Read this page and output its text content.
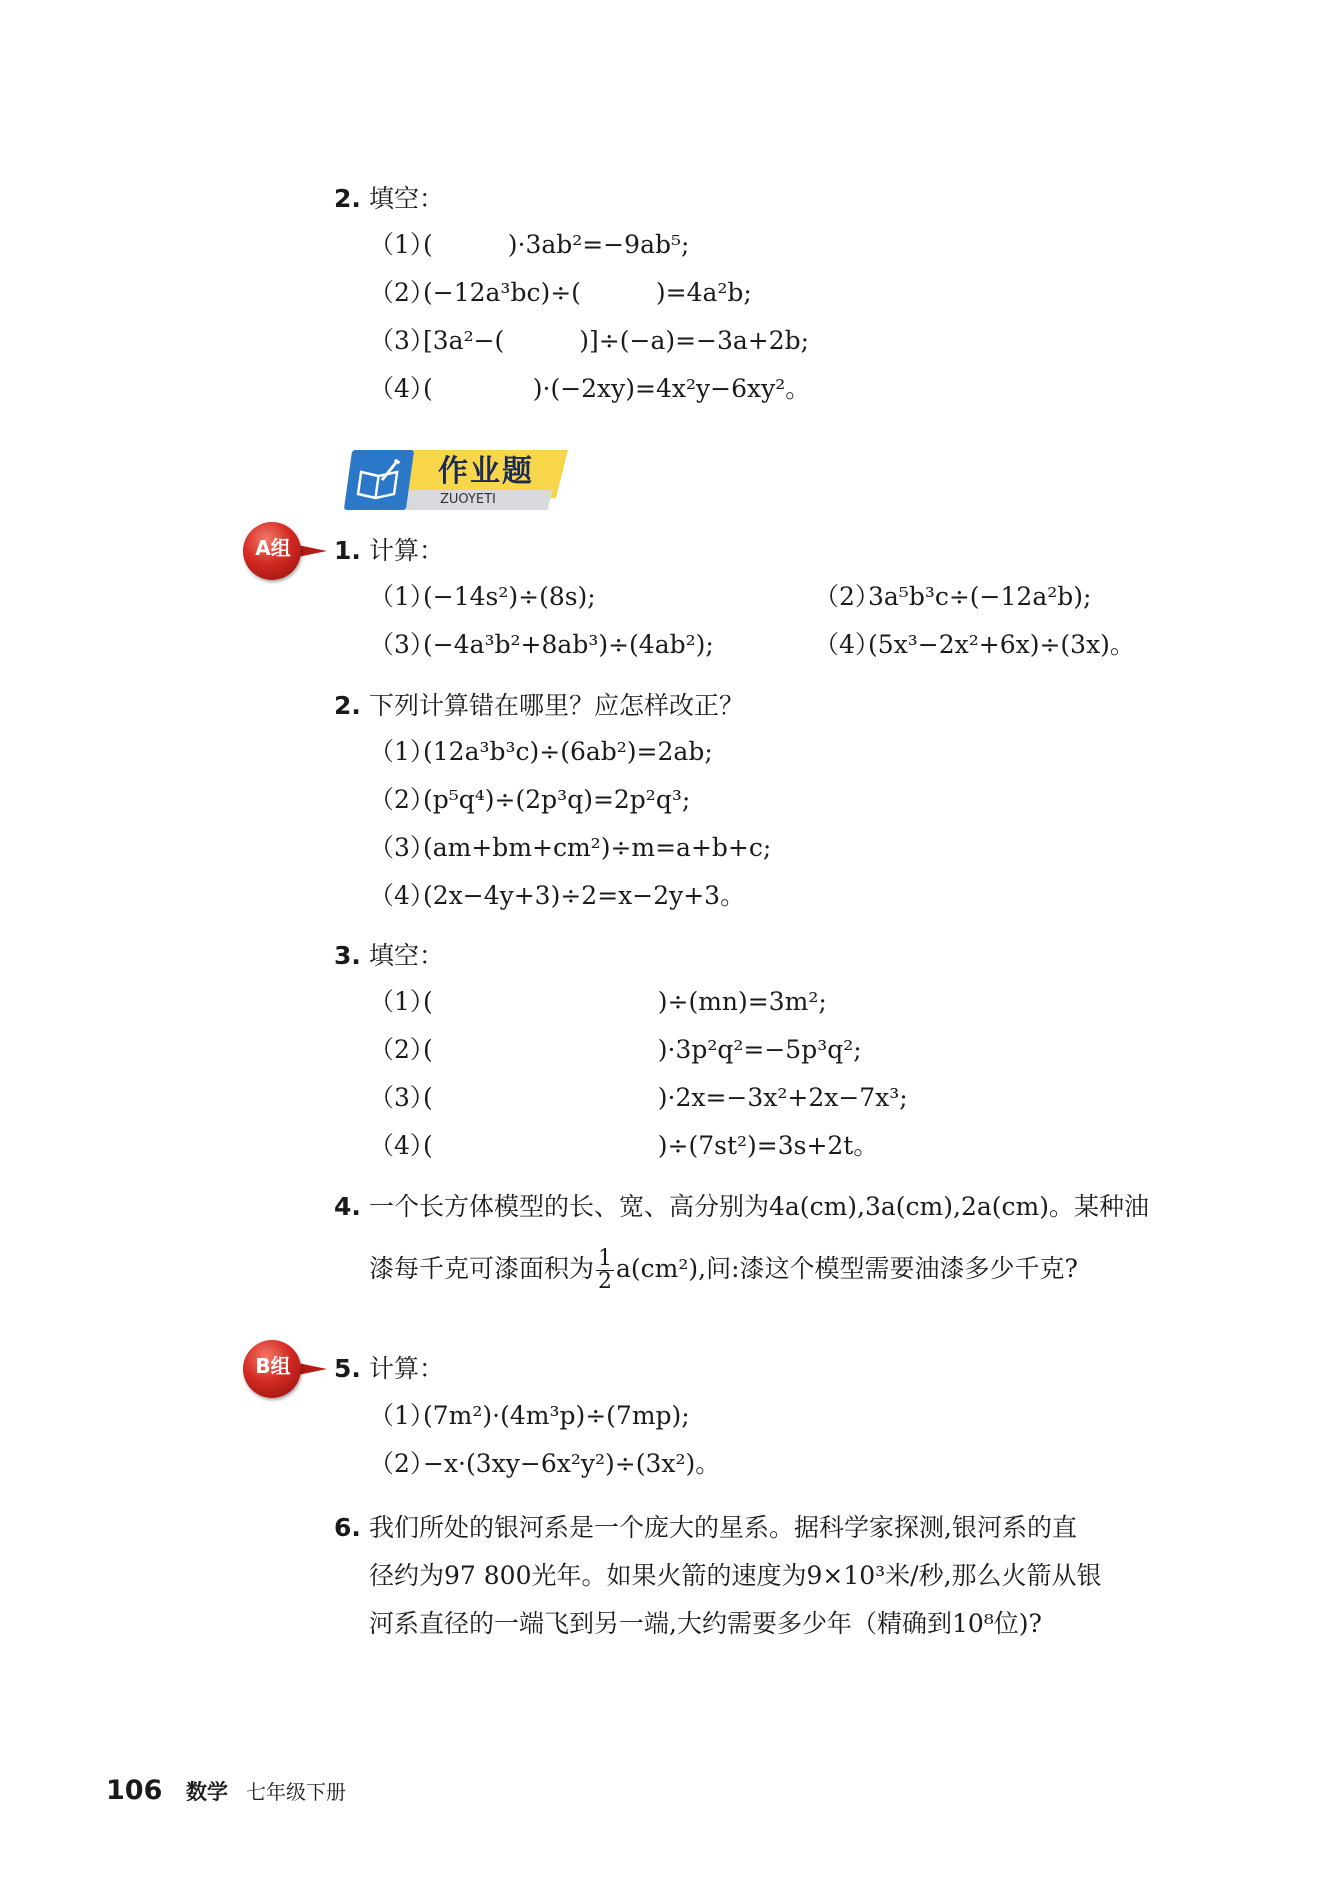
2. 填空：
（1）(　　　)·3ab²=−9ab⁵;
（2）(−12a³bc)÷(　　　)=4a²b;
（3）[3a²−(　　　)]÷(−a)=−3a+2b;
（4）(　　　　)·(−2xy)=4x²y−6xy²。
作业题
ZUOYETI
A组	1. 计算：
（1）(−14s²)÷(8s);	（2）3a⁵b³c÷(−12a²b);
（3）(−4a³b²+8ab³)÷(4ab²);	（4）(5x³−2x²+6x)÷(3x)。
2. 下列计算错在哪里？应怎样改正？
（1）(12a³b³c)÷(6ab²)=2ab;
（2）(p⁵q⁴)÷(2p³q)=2p²q³;
（3）(am+bm+cm²)÷m=a+b+c;
（4）(2x−4y+3)÷2=x−2y+3。
3. 填空：
（1）(　　　　　　　　　)÷(mn)=3m²;
（2）(　　　　　　　　　)·3p²q²=−5p³q²;
（3）(　　　　　　　　　)·2x=−3x²+2x−7x³;
（4）(　　　　　　　　　)÷(7st²)=3s+2t。
4. 一个长方体模型的长、宽、高分别为4a(cm),3a(cm),2a(cm)。某种油
漆每千克可漆面积为 $\frac{1}{2} a(cm^2)$,问:漆这个模型需要油漆多少千克?
B组	5. 计算：
（1）(7m²)·(4m³p)÷(7mp);
（2）−x·(3xy−6x²y²)÷(3x²)。
6. 我们所处的银河系是一个庞大的星系。据科学家探测,银河系的直
径约为97 800光年。如果火箭的速度为9×10³米/秒,那么火箭从银
河系直径的一端飞到另一端,大约需要多少年（精确到10⁸位)?
106 数学 七年级下册
